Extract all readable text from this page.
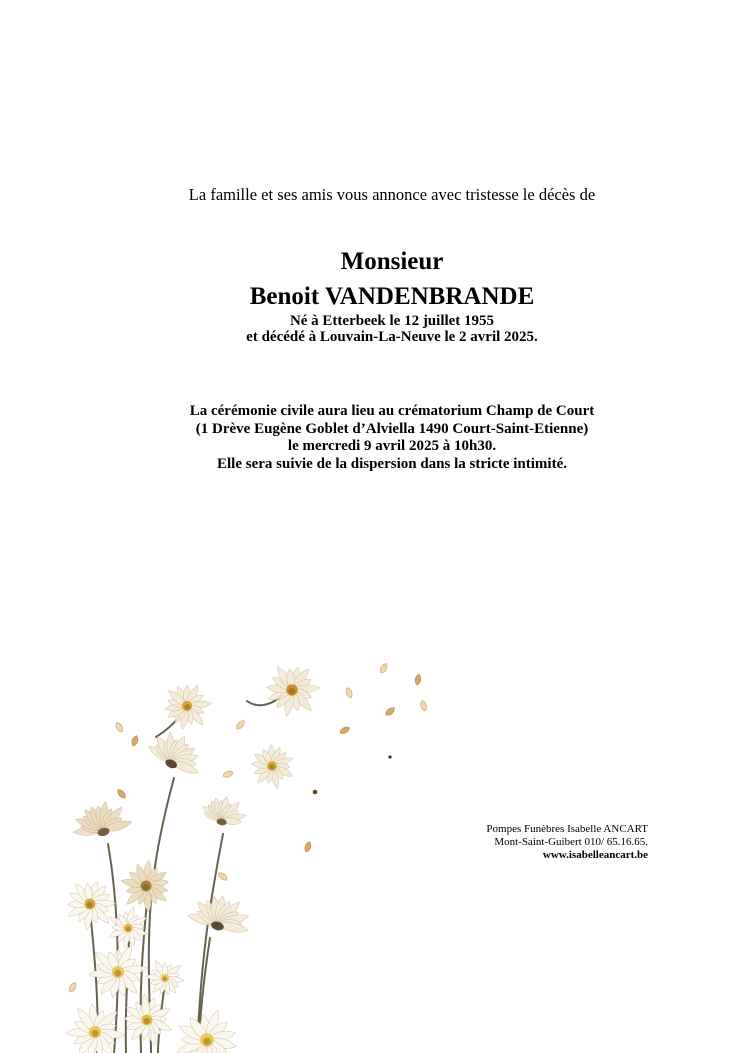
La famille et ses amis vous annonce avec tristesse le décès de
Monsieur
Benoit VANDENBRANDE
Né à Etterbeek le 12 juillet 1955
et décédé à Louvain-La-Neuve le 2 avril 2025.
La cérémonie civile aura lieu au crématorium Champ de Court
(1 Drève Eugène Goblet d’Alviella 1490 Court-Saint-Etienne)
le mercredi 9 avril 2025 à 10h30.
Elle sera suivie de la dispersion dans la stricte intimité.
Pompes Funèbres Isabelle ANCART
Mont-Saint-Guibert 010/ 65.16.65.
www.isabelleancart.be
